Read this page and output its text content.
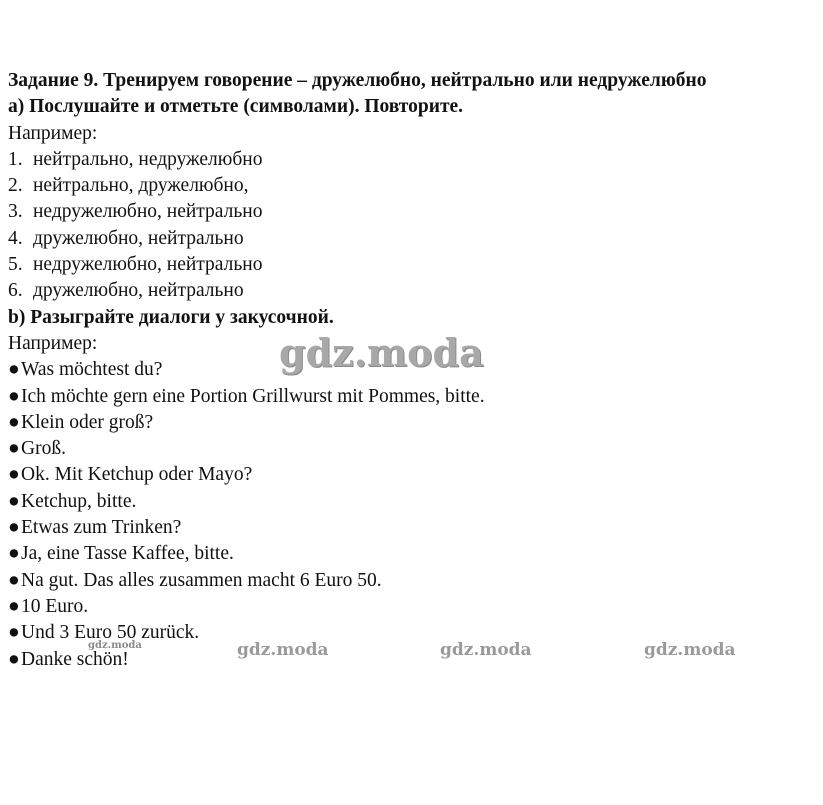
Задание 9. Тренируем говорение – дружелюбно, нейтрально или недружелюбно
a) Послушайте и отметьте (символами). Повторите.
Например:
1. нейтрально, недружелюбно
2. нейтрально, дружелюбно,
3. недружелюбно, нейтрально
4. дружелюбно, нейтрально
5. недружелюбно, нейтрально
6. дружелюбно, нейтрально
b) Разыграйте диалоги у закусочной.
Например:
●Was möchtest du?
●Ich möchte gern eine Portion Grillwurst mit Pommes, bitte.
●Klein oder groß?
●Groß.
●Ok. Mit Ketchup oder Mayo?
●Ketchup, bitte.
●Etwas zum Trinken?
●Ja, eine Tasse Kaffee, bitte.
●Na gut. Das alles zusammen macht 6 Euro 50.
●10 Euro.
●Und 3 Euro 50 zurück.
●Danke schön!
gdz.moda
gdz.moda	gdz.moda	gdz.moda
gdz.moda
